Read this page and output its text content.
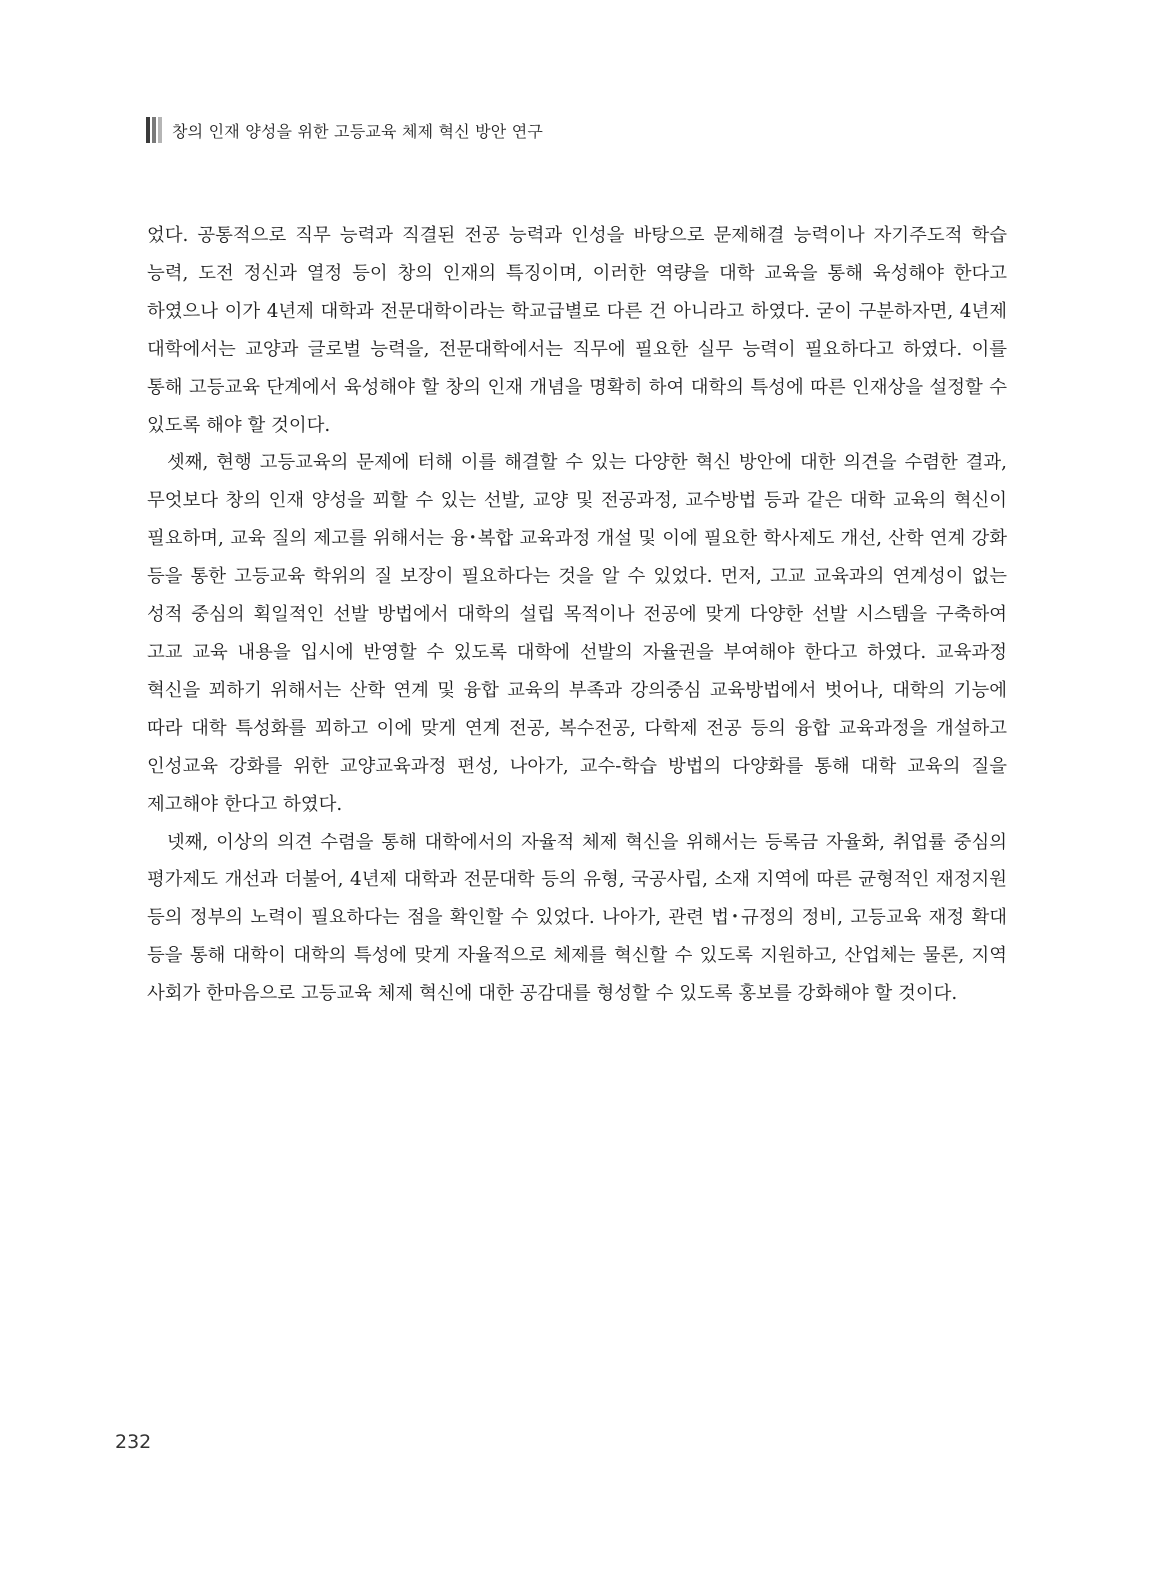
창의 인재 양성을 위한 고등교육 체제 혁신 방안 연구

었다. 공통적으로 직무 능력과 직결된 전공 능력과 인성을 바탕으로 문제해결 능력이나 자기주도적 학습 능력, 도전 정신과 열정 등이 창의 인재의 특징이며, 이러한 역량을 대학 교육을 통해 육성해야 한다고 하였으나 이가 4년제 대학과 전문대학이라는 학교급별로 다른 건 아니라고 하였다. 굳이 구분하자면, 4년제 대학에서는 교양과 글로벌 능력을, 전문대학에서는 직무에 필요한 실무 능력이 필요하다고 하였다. 이를 통해 고등교육 단계에서 육성해야 할 창의 인재 개념을 명확히 하여 대학의 특성에 따른 인재상을 설정할 수 있도록 해야 할 것이다.

셋째, 현행 고등교육의 문제에 터해 이를 해결할 수 있는 다양한 혁신 방안에 대한 의견을 수렴한 결과, 무엇보다 창의 인재 양성을 꾀할 수 있는 선발, 교양 및 전공과정, 교수방법 등과 같은 대학 교육의 혁신이 필요하며, 교육 질의 제고를 위해서는 융･복합 교육과정 개설 및 이에 필요한 학사제도 개선, 산학 연계 강화 등을 통한 고등교육 학위의 질 보장이 필요하다는 것을 알 수 있었다. 먼저, 고교 교육과의 연계성이 없는 성적 중심의 획일적인 선발 방법에서 대학의 설립 목적이나 전공에 맞게 다양한 선발 시스템을 구축하여 고교 교육 내용을 입시에 반영할 수 있도록 대학에 선발의 자율권을 부여해야 한다고 하였다. 교육과정 혁신을 꾀하기 위해서는 산학 연계 및 융합 교육의 부족과 강의중심 교육방법에서 벗어나, 대학의 기능에 따라 대학 특성화를 꾀하고 이에 맞게 연계 전공, 복수전공, 다학제 전공 등의 융합 교육과정을 개설하고 인성교육 강화를 위한 교양교육과정 편성, 나아가, 교수-학습 방법의 다양화를 통해 대학 교육의 질을 제고해야 한다고 하였다.

넷째, 이상의 의견 수렴을 통해 대학에서의 자율적 체제 혁신을 위해서는 등록금 자율화, 취업률 중심의 평가제도 개선과 더불어, 4년제 대학과 전문대학 등의 유형, 국공사립, 소재 지역에 따른 균형적인 재정지원 등의 정부의 노력이 필요하다는 점을 확인할 수 있었다. 나아가, 관련 법･규정의 정비, 고등교육 재정 확대 등을 통해 대학이 대학의 특성에 맞게 자율적으로 체제를 혁신할 수 있도록 지원하고, 산업체는 물론, 지역 사회가 한마음으로 고등교육 체제 혁신에 대한 공감대를 형성할 수 있도록 홍보를 강화해야 할 것이다.

232
